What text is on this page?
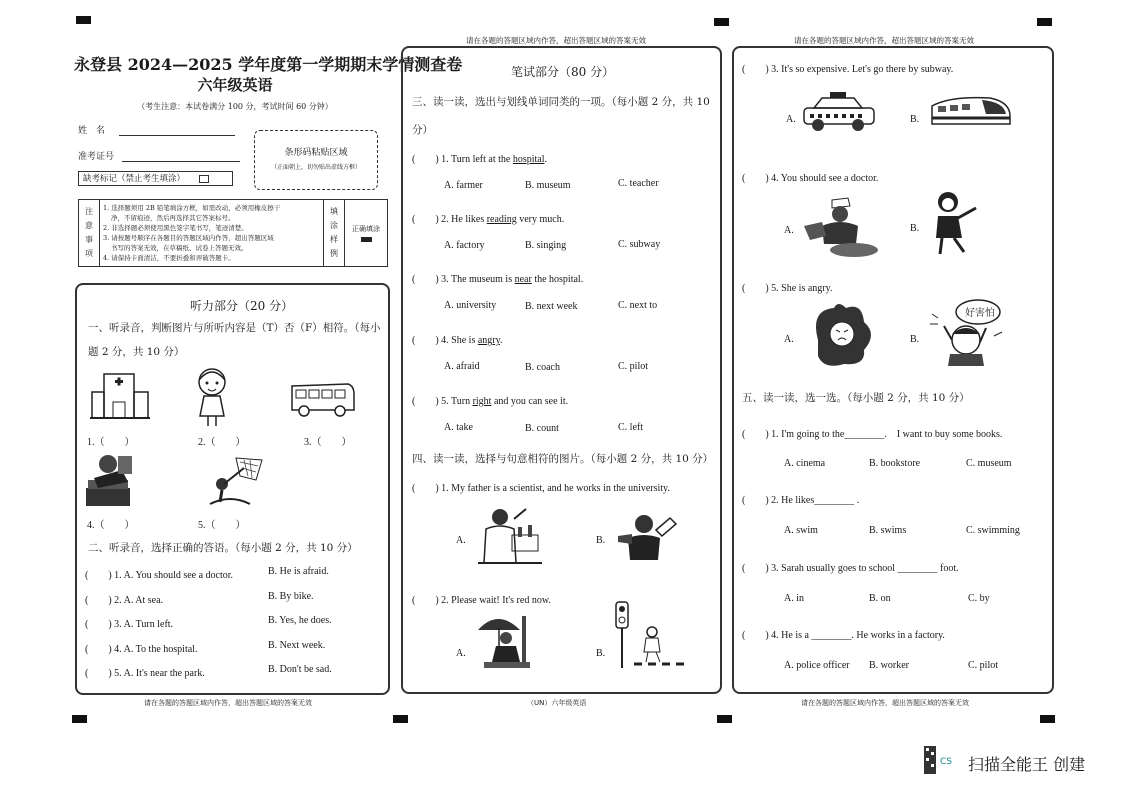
请在各题的答题区域内作答，超出答题区域的答案无效	请在各题的答题区域内作答，超出答题区域的答案无效
永登县 2024—2025 学年度第一学期期末学情测查卷
六年级英语
（考生注意：本试卷满分 100 分，考试时间 60 分钟）
姓　名
准考证号
缺考标记（禁止考生填涂）
条形码粘贴区域
（正面朝上，切勿贴出虚线方框）
注意事项	
1. 选择题须用 2B 铅笔填涂方框，如需改动，必须用橡皮擦干
净，不留痕迹，然后再选择其它答案标号。
2. 非选择题必须使用黑色签字笔书写，笔迹清楚。
3. 请按题号顺序在各题目的答题区域内作答，超出答题区域
书写的答案无效，在草稿纸、试卷上答题无效。
4. 请保持卡面清洁，不要折叠和弄破答题卡。
	填涂样例	
正确填涂
听力部分（20 分）
一、听录音，判断图片与所听内容是（T）否（F）相符。（每小
题 2 分，共 10 分）
1.（　　）	2.（　　）	3.（　　）
4.（　　）	5.（　　）
二、听录音，选择正确的答语。（每小题 2 分，共 10 分）
(　　) 1. A. You should see a doctor.	B. He is afraid.
(　　) 2. A. At sea.	B. By bike.
(　　) 3. A. Turn left.	B. Yes, he does.
(　　) 4. A. To the hospital.	B. Next week.
(　　) 5. A. It's near the park.	B. Don't be sad.
笔试部分（80 分）
三、读一读，选出与划线单词同类的一项。（每小题 2 分，共 10
分）
(　　) 1. Turn left at the hospital.
A. farmer	B. museum	C. teacher
(　　) 2. He likes reading very much.
A. factory	B. singing	C. subway
(　　) 3. The museum is near the hospital.
A. university	B. next week	C. next to
(　　) 4. She is angry.
A. afraid	B. coach	C. pilot
(　　) 5. Turn right and you can see it.
A. take	B. count	C. left
四、读一读，选择与句意相符的图片。（每小题 2 分，共 10 分）
(　　) 1. My father is a scientist, and he works in the university.
A.	B.
(　　) 2. Please wait! It's red now.
A.	B.
(　　) 3. It's so expensive. Let's go there by subway.
A.	B.
(　　) 4. You should see a doctor.
A.	B.
(　　) 5. She is angry.
A.	B.
好害怕
五、读一读，选一选。（每小题 2 分，共 10 分）
(　　) 1. I'm going to the________.　I want to buy some books.
A. cinema	B. bookstore	C. museum
(　　) 2. He likes________ .
A. swim	B. swims	C. swimming
(　　) 3. Sarah usually goes to school ________ foot.
A. in	B. on	C. by
(　　) 4. He is a ________. He works in a factory.
A. police officer B. worker	C. pilot
请在各题的答题区域内作答，超出答题区域的答案无效	（UN）六年级英语	请在各题的答题区域内作答，超出答题区域的答案无效
CS 扫描全能王 创建
